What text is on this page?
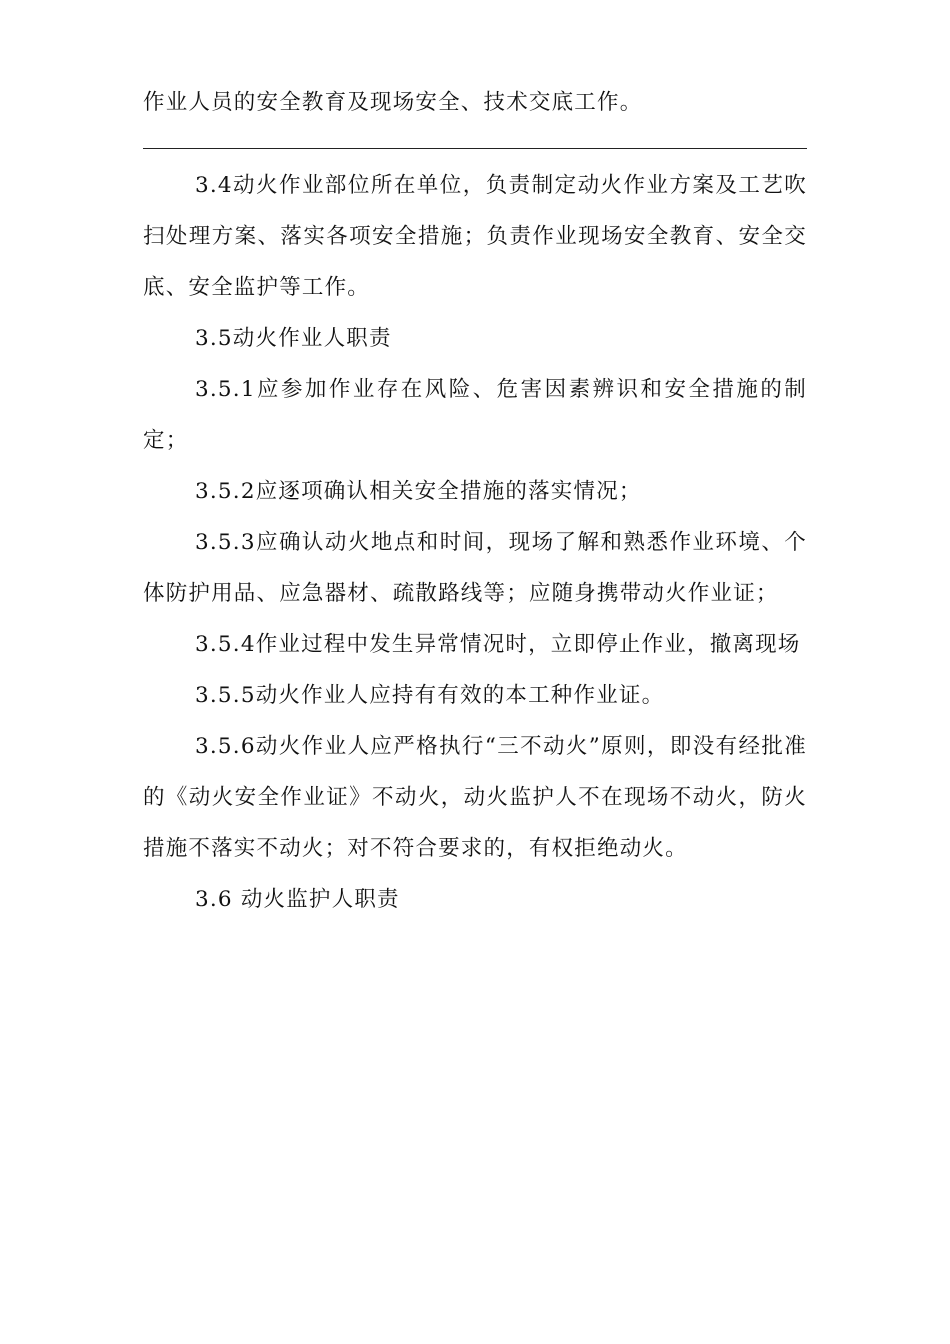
作业人员的安全教育及现场安全、技术交底工作。

3.4动火作业部位所在单位，负责制定动火作业方案及工艺吹扫处理方案、落实各项安全措施；负责作业现场安全教育、安全交底、安全监护等工作。

3.5动火作业人职责

3.5.1应参加作业存在风险、危害因素辨识和安全措施的制定；

3.5.2应逐项确认相关安全措施的落实情况；

3.5.3应确认动火地点和时间，现场了解和熟悉作业环境、个体防护用品、应急器材、疏散路线等；应随身携带动火作业证；

3.5.4作业过程中发生异常情况时，立即停止作业，撤离现场

3.5.5动火作业人应持有有效的本工种作业证。

3.5.6动火作业人应严格执行“三不动火”原则，即没有经批准的《动火安全作业证》不动火，动火监护人不在现场不动火，防火措施不落实不动火；对不符合要求的，有权拒绝动火。

3.6 动火监护人职责
